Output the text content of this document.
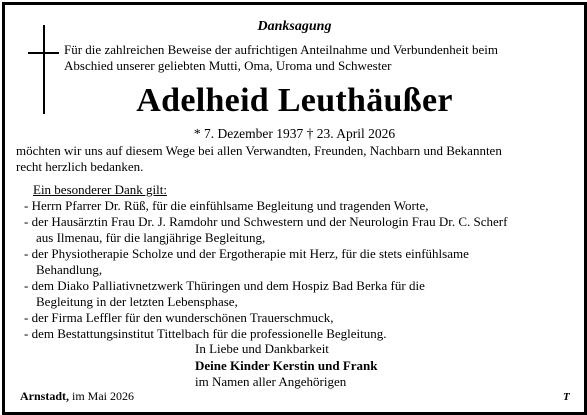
Danksagung
Für die zahlreichen Beweise der aufrichtigen Anteilnahme und Verbundenheit beim
Abschied unserer geliebten Mutti, Oma, Uroma und Schwester
Adelheid Leuthäußer
* 7. Dezember 1937 † 23. April 2026
möchten wir uns auf diesem Wege bei allen Verwandten, Freunden, Nachbarn und Bekannten
recht herzlich bedanken.
Ein besonderer Dank gilt:
- Herrn Pfarrer Dr. Rüß, für die einfühlsame Begleitung und tragenden Worte,
- der Hausärztin Frau Dr. J. Ramdohr und Schwestern und der Neurologin Frau Dr. C. Scherf
aus Ilmenau, für die langjährige Begleitung,
- der Physiotherapie Scholze und der Ergotherapie mit Herz, für die stets einfühlsame
Behandlung,
- dem Diako Palliativnetzwerk Thüringen und dem Hospiz Bad Berka für die
Begleitung in der letzten Lebensphase,
- der Firma Leffler für den wunderschönen Trauerschmuck,
- dem Bestattungsinstitut Tittelbach für die professionelle Begleitung.
In Liebe und Dankbarkeit
Deine Kinder Kerstin und Frank
im Namen aller Angehörigen
Arnstadt, im Mai 2026	T
